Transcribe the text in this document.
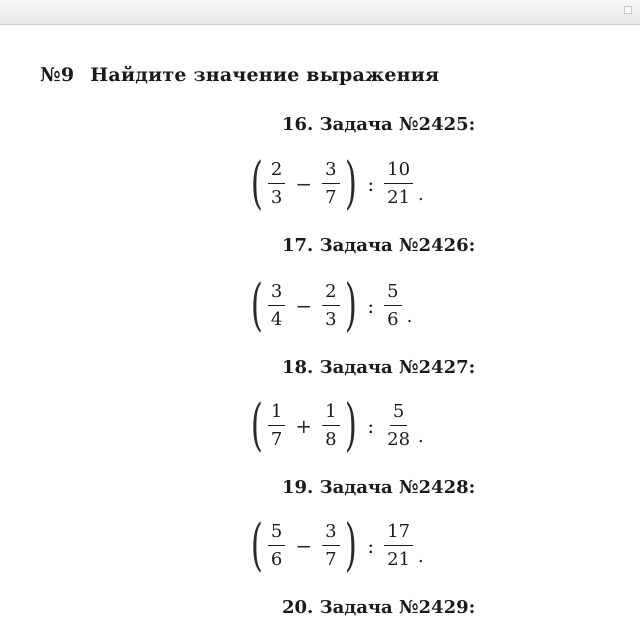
№9 Найдите значение выражения
16. Задача №2425:
( $\frac{2}{3} - \frac{3}{7}$ ) : $\frac{10}{21}$ .
17. Задача №2426:
( $\frac{3}{4} - \frac{2}{3}$ ) : $\frac{5}{6}$ .
18. Задача №2427:
( $\frac{1}{7} + \frac{1}{8}$ ) : $\frac{5}{28}$ .
19. Задача №2428:
( $\frac{5}{6} - \frac{3}{7}$ ) : $\frac{17}{21}$ .
20. Задача №2429:
